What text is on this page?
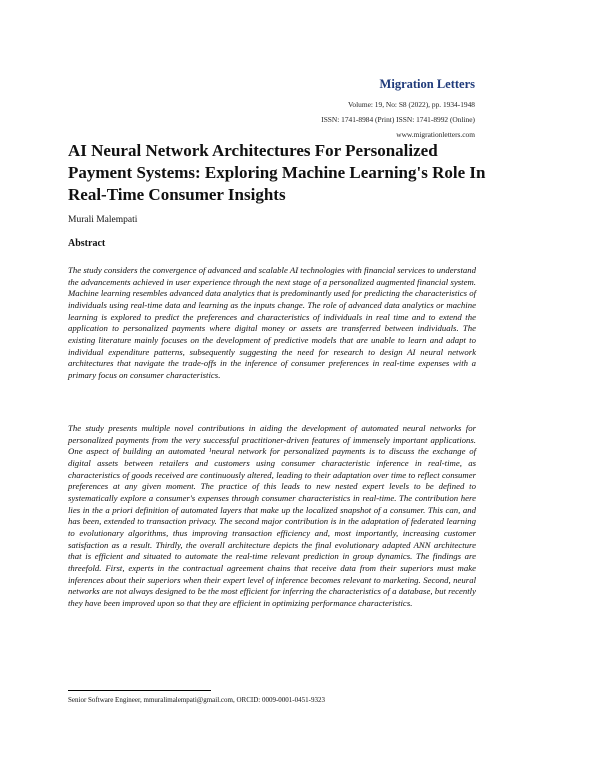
Migration Letters
Volume: 19, No: S8 (2022), pp. 1934-1948
ISSN: 1741-8984 (Print) ISSN: 1741-8992 (Online)
www.migrationletters.com
AI Neural Network Architectures For Personalized Payment Systems: Exploring Machine Learning's Role In Real-Time Consumer Insights
Murali Malempati
Abstract

The study considers the convergence of advanced and scalable AI technologies with financial services to understand the advancements achieved in user experience through the next stage of a personalized augmented financial system. Machine learning resembles advanced data analytics that is predominantly used for predicting the characteristics of individuals using real-time data and learning as the inputs change. The role of advanced data analytics or machine learning is explored to predict the preferences and characteristics of individuals in real time and to extend the application to personalized payments where digital money or assets are transferred between individuals. The existing literature mainly focuses on the development of predictive models that are unable to learn and adapt to individual expenditure patterns, subsequently suggesting the need for research to design AI neural network architectures that navigate the trade-offs in the inference of consumer preferences in real-time expenses with a primary focus on consumer characteristics.

The study presents multiple novel contributions in aiding the development of automated neural networks for personalized payments from the very successful practitioner-driven features of immensely important applications. One aspect of building an automated ¹neural network for personalized payments is to discuss the exchange of digital assets between retailers and customers using consumer characteristic inference in real-time, as characteristics of goods received are continuously altered, leading to their adaptation over time to reflect consumer preferences at any given moment. The practice of this leads to new nested expert levels to be defined to systematically explore a consumer's expenses through consumer characteristics in real-time. The contribution here lies in the a priori definition of automated layers that make up the localized snapshot of a consumer. This can, and has been, extended to transaction privacy. The second major contribution is in the adaptation of federated learning to evolutionary algorithms, thus improving transaction efficiency and, most importantly, increasing customer satisfaction as a result. Thirdly, the overall architecture depicts the final evolutionary adapted ANN architecture that is efficient and situated to automate the real-time relevant prediction in group dynamics. The findings are threefold. First, experts in the contractual agreement chains that receive data from their superiors must make inferences about their superiors when their expert level of inference becomes relevant to marketing. Second, neural networks are not always designed to be the most efficient for inferring the characteristics of a database, but recently they have been improved upon so that they are efficient in optimizing performance characteristics.

Senior Software Engineer, mmuralimalempati@gmail.com, ORCID: 0009-0001-0451-9323
